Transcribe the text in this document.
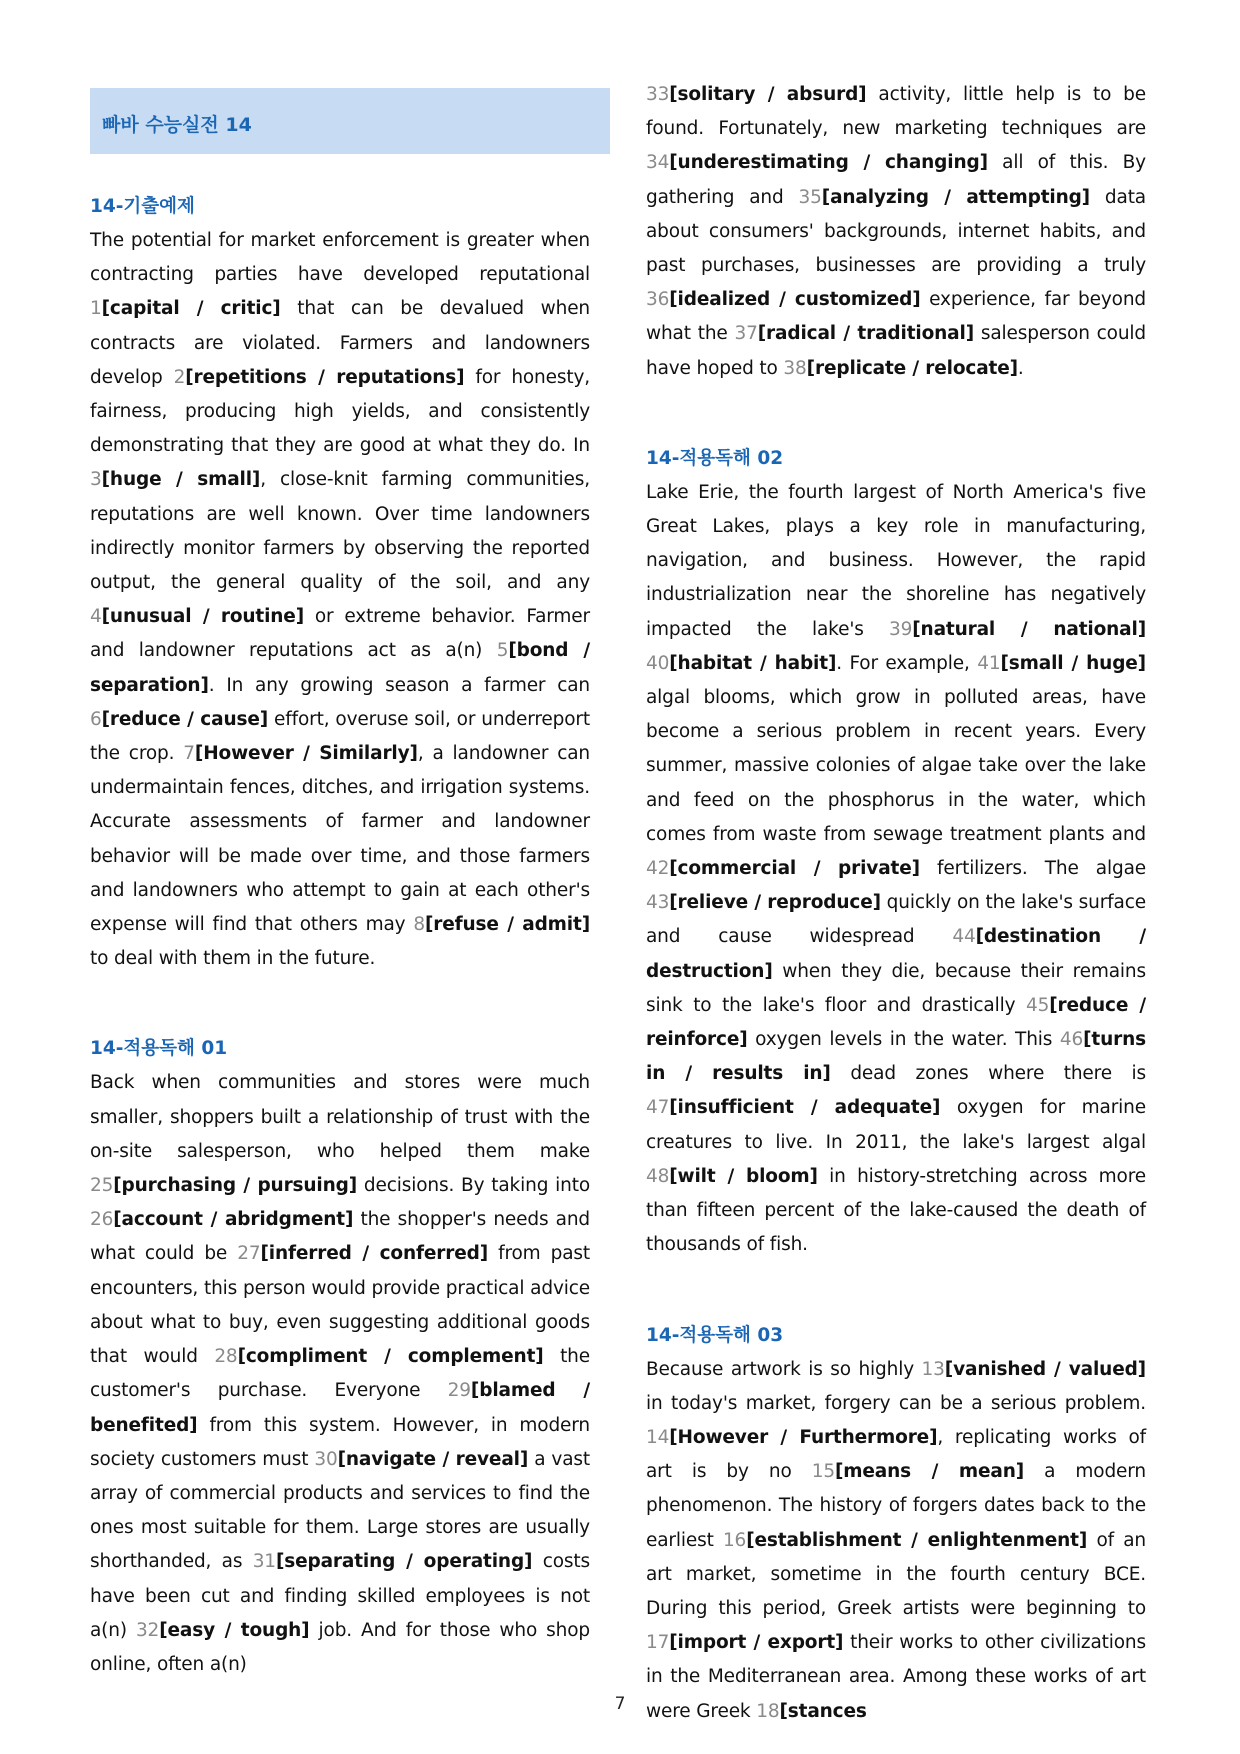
빠바 수능실전 14
14-기출예제

The potential for market enforcement is greater when contracting parties have developed reputational 1[capital / critic] that can be devalued when contracts are violated. Farmers and landowners develop 2[repetitions / reputations] for honesty, fairness, producing high yields, and consistently demonstrating that they are good at what they do. In 3[huge / small], close-knit farming communities, reputations are well known. Over time landowners indirectly monitor farmers by observing the reported output, the general quality of the soil, and any 4[unusual / routine] or extreme behavior. Farmer and landowner reputations act as a(n) 5[bond / separation]. In any growing season a farmer can 6[reduce / cause] effort, overuse soil, or underreport the crop. 7[However / Similarly], a landowner can undermaintain fences, ditches, and irrigation systems. Accurate assessments of farmer and landowner behavior will be made over time, and those farmers and landowners who attempt to gain at each other's expense will find that others may 8[refuse / admit] to deal with them in the future.

14-적용독해 01

Back when communities and stores were much smaller, shoppers built a relationship of trust with the on-site salesperson, who helped them make 25[purchasing / pursuing] decisions. By taking into 26[account / abridgment] the shopper's needs and what could be 27[inferred / conferred] from past encounters, this person would provide practical advice about what to buy, even suggesting additional goods that would 28[compliment / complement] the customer's purchase. Everyone 29[blamed / benefited] from this system. However, in modern society customers must 30[navigate / reveal] a vast array of commercial products and services to find the ones most suitable for them. Large stores are usually shorthanded, as 31[separating / operating] costs have been cut and finding skilled employees is not a(n) 32[easy / tough] job. And for those who shop online, often a(n)

33[solitary / absurd] activity, little help is to be found. Fortunately, new marketing techniques are 34[underestimating / changing] all of this. By gathering and 35[analyzing / attempting] data about consumers' backgrounds, internet habits, and past purchases, businesses are providing a truly 36[idealized / customized] experience, far beyond what the 37[radical / traditional] salesperson could have hoped to 38[replicate / relocate].

14-적용독해 02

Lake Erie, the fourth largest of North America's five Great Lakes, plays a key role in manufacturing, navigation, and business. However, the rapid industrialization near the shoreline has negatively impacted the lake's 39[natural / national] 40[habitat / habit]. For example, 41[small / huge] algal blooms, which grow in polluted areas, have become a serious problem in recent years. Every summer, massive colonies of algae take over the lake and feed on the phosphorus in the water, which comes from waste from sewage treatment plants and 42[commercial / private] fertilizers. The algae 43[relieve / reproduce] quickly on the lake's surface and cause widespread 44[destination / destruction] when they die, because their remains sink to the lake's floor and drastically 45[reduce / reinforce] oxygen levels in the water. This 46[turns in / results in] dead zones where there is 47[insufficient / adequate] oxygen for marine creatures to live. In 2011, the lake's largest algal 48[wilt / bloom] in history-stretching across more than fifteen percent of the lake-caused the death of thousands of fish.

14-적용독해 03

Because artwork is so highly 13[vanished / valued] in today's market, forgery can be a serious problem. 14[However / Furthermore], replicating works of art is by no 15[means / mean] a modern phenomenon. The history of forgers dates back to the earliest 16[establishment / enlightenment] of an art market, sometime in the fourth century BCE. During this period, Greek artists were beginning to 17[import / export] their works to other civilizations in the Mediterranean area. Among these works of art were Greek 18[stances

7
